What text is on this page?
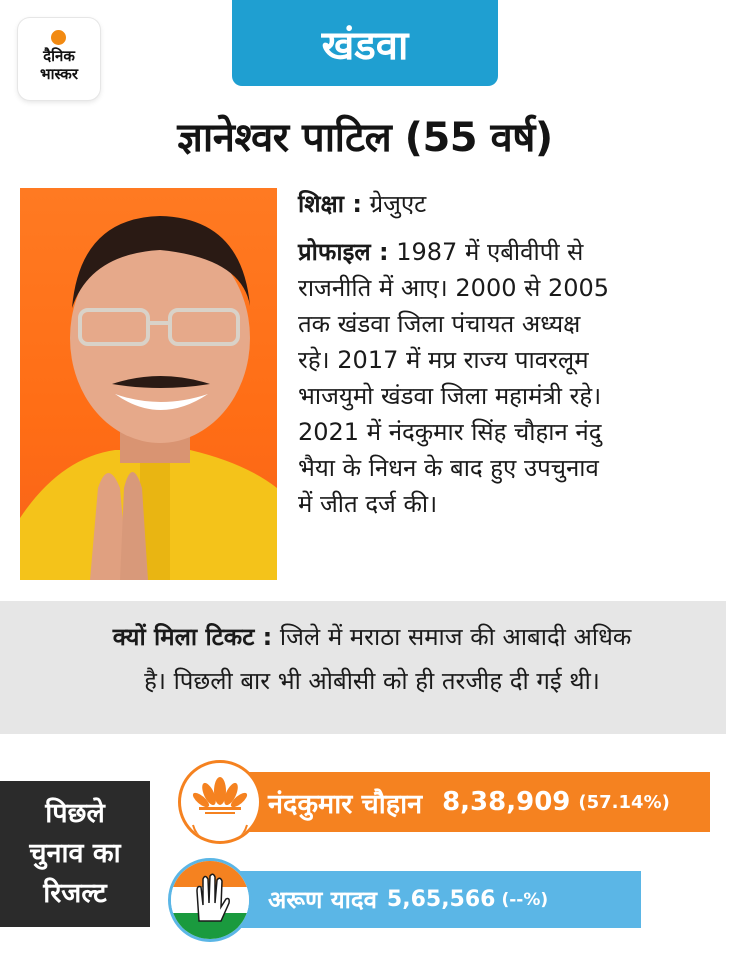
दैनिक
भास्कर
खंडवा
ज्ञानेश्वर पाटिल (55 वर्ष)
शिक्षा : ग्रेजुएट
प्रोफाइल : 1987 में एबीवीपी से
राजनीति में आए। 2000 से 2005
तक खंडवा जिला पंचायत अध्यक्ष
रहे। 2017 में मप्र राज्य पावरलूम
भाजयुमो खंडवा जिला महामंत्री रहे।
2021 में नंदकुमार सिंह चौहान नंदु
भैया के निधन के बाद हुए उपचुनाव
में जीत दर्ज की।
क्यों मिला टिकट : जिले में मराठा समाज की आबादी अधिक
है। पिछली बार भी ओबीसी को ही तरजीह दी गई थी।
पिछले
चुनाव का
रिजल्ट
नंदकुमार चौहान 8,38,909 (57.14%)
अरूण यादव 5,65,566 (--%)
